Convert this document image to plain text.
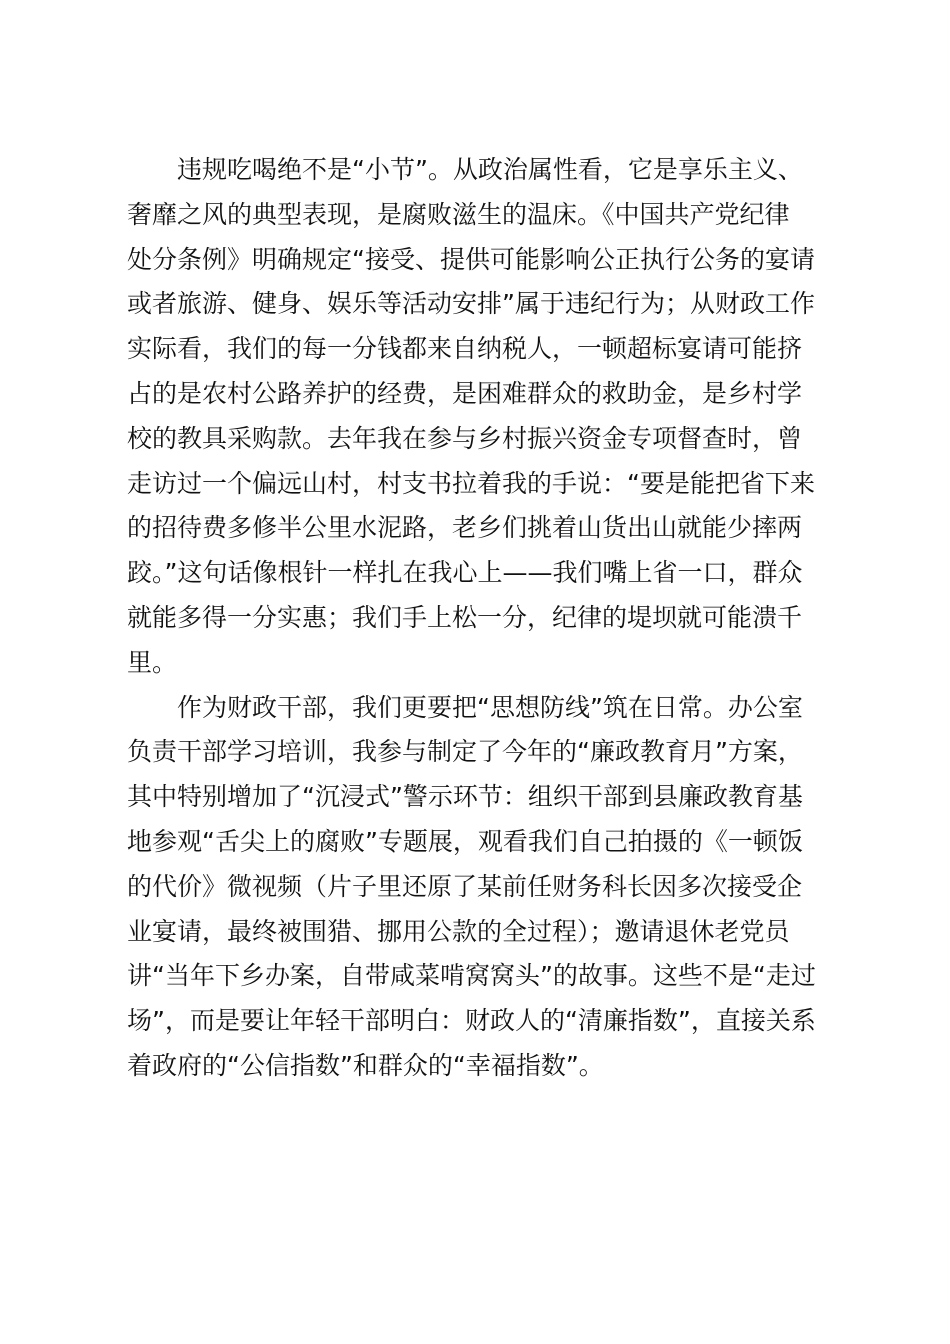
违规吃喝绝不是“小节”。从政治属性看，它是享乐主义、
奢靡之风的典型表现，是腐败滋生的温床。《中国共产党纪律
处分条例》明确规定“接受、提供可能影响公正执行公务的宴请
或者旅游、健身、娱乐等活动安排”属于违纪行为；从财政工作
实际看，我们的每一分钱都来自纳税人，一顿超标宴请可能挤
占的是农村公路养护的经费，是困难群众的救助金，是乡村学
校的教具采购款。去年我在参与乡村振兴资金专项督查时，曾
走访过一个偏远山村，村支书拉着我的手说：“要是能把省下来
的招待费多修半公里水泥路，老乡们挑着山货出山就能少摔两
跤。”这句话像根针一样扎在我心上——我们嘴上省一口，群众
就能多得一分实惠；我们手上松一分，纪律的堤坝就可能溃千
里。
作为财政干部，我们更要把“思想防线”筑在日常。办公室
负责干部学习培训，我参与制定了今年的“廉政教育月”方案，
其中特别增加了“沉浸式”警示环节：组织干部到县廉政教育基
地参观“舌尖上的腐败”专题展，观看我们自己拍摄的《一顿饭
的代价》微视频（片子里还原了某前任财务科长因多次接受企
业宴请，最终被围猎、挪用公款的全过程）；邀请退休老党员
讲“当年下乡办案，自带咸菜啃窝窝头”的故事。这些不是“走过
场”，而是要让年轻干部明白：财政人的“清廉指数”，直接关系
着政府的“公信指数”和群众的“幸福指数”。
